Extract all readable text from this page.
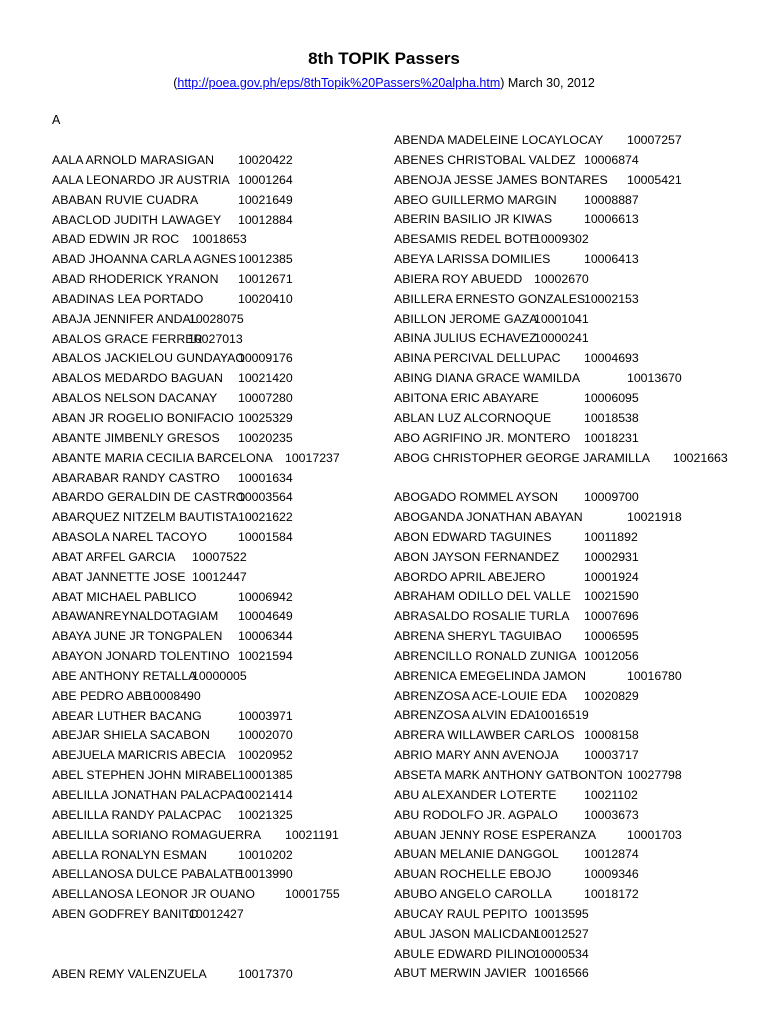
8th TOPIK Passers
(http://poea.gov.ph/eps/8thTopik%20Passers%20alpha.htm) March 30, 2012
A
AALA ARNOLD MARASIGAN 10020422
AALA LEONARDO JR AUSTRIA 10001264
ABABAN RUVIE CUADRA	10021649
ABACLOD JUDITH LAWAGEY 10012884
ABAD EDWIN JR ROC 10018653
ABAD JHOANNA CARLA AGNES10012385
ABAD RHODERICK YRANON 10012671
ABADINAS LEA PORTADO	10020410
ABAJA JENNIFER ANDAL10028075
ABALOS GRACE FERRER10027013
ABALOS JACKIELOU GUNDAYAO10009176
ABALOS MEDARDO BAGUAN 10021420
ABALOS NELSON DACANAY 10007280
ABAN JR ROGELIO BONIFACIO 10025329
ABANTE JIMBENLY GRESOS 10020235
ABANTE MARIA CECILIA BARCELONA 10017237
ABARABAR RANDY CASTRO 10001634
ABARDO GERALDIN DE CASTRO10003564
ABARQUEZ NITZELM BAUTISTA10021622
ABASOLA NAREL TACOYO	10001584
ABAT ARFEL GARCIA 10007522
ABAT JANNETTE JOSE 10012447
ABAT MICHAEL PABLICO	10006942
ABAWANREYNALDOTAGIAM 10004649
ABAYA JUNE JR TONGPALEN 10006344
ABAYON JONARD TOLENTINO 10021594
ABE ANTHONY RETALLA10000005
ABE PEDRO ABE10008490
ABEAR LUTHER BACANG	10003971
ABEJAR SHIELA SACABON 10002070
ABEJUELA MARICRIS ABECIA 10020952
ABEL STEPHEN JOHN MIRABEL10001385
ABELILLA JONATHAN PALACPAC10021414
ABELILLA RANDY PALACPAC 10021325
ABELILLA SORIANO ROMAGUERRA 10021191
ABELLA RONALYN ESMAN	10010202
ABELLANOSA DULCE PABALATE10013990
ABELLANOSA LEONOR JR OUANO 10001755
ABEN GODFREY BANITO10012427
ABEN REMY VALENZUELA	10017370
ABENDA MADELEINE LOCAYLOCAY 10007257
ABENES CHRISTOBAL VALDEZ 10006874
ABENOJA JESSE JAMES BONTARES 10005421
ABEO GUILLERMO MARGIN 10008887
ABERIN BASILIO JR KIWAS	10006613
ABESAMIS REDEL BOTE10009302
ABEYA LARISSA DOMILIES	10006413
ABIERA ROY ABUEDD 10002670
ABILLERA ERNESTO GONZALES10002153
ABILLON JEROME GAZA10001041
ABINA JULIUS ECHAVEZ10000241
ABINA PERCIVAL DELLUPAC 10004693
ABING DIANA GRACE WAMILDA	10013670
ABITONA ERIC ABAYARE	10006095
ABLAN LUZ ALCORNOQUE	10018538
ABO AGRIFINO JR. MONTERO 10018231
ABOG CHRISTOPHER GEORGE JARAMILLA 10021663
ABOGADO ROMMEL AYSON 10009700
ABOGANDA JONATHAN ABAYAN	10021918
ABON EDWARD TAGUINES	10011892
ABON JAYSON FERNANDEZ 10002931
ABORDO APRIL ABEJERO	10001924
ABRAHAM ODILLO DEL VALLE 10021590
ABRASALDO ROSALIE TURLA 10007696
ABRENA SHERYL TAGUIBAO 10006595
ABRENCILLO RONALD ZUNIGA 10012056
ABRENICA EMEGELINDA JAMON	10016780
ABRENZOSA ACE-LOUIE EDA 10020829
ABRENZOSA ALVIN EDA10016519
ABRERA WILLAWBER CARLOS 10008158
ABRIO MARY ANN AVENOJA 10003717
ABSETA MARK ANTHONY GATBONTON 10027798
ABU ALEXANDER LOTERTE 10021102
ABU RODOLFO JR. AGPALO 10003673
ABUAN JENNY ROSE ESPERANZA	10001703
ABUAN MELANIE DANGGOL 10012874
ABUAN ROCHELLE EBOJO	10009346
ABUBO ANGELO CAROLLA	10018172
ABUCAY RAUL PEPITO 10013595
ABUL JASON MALICDAN10012527
ABULE EDWARD PILINO10000534
ABUT MERWIN JAVIER 10016566
